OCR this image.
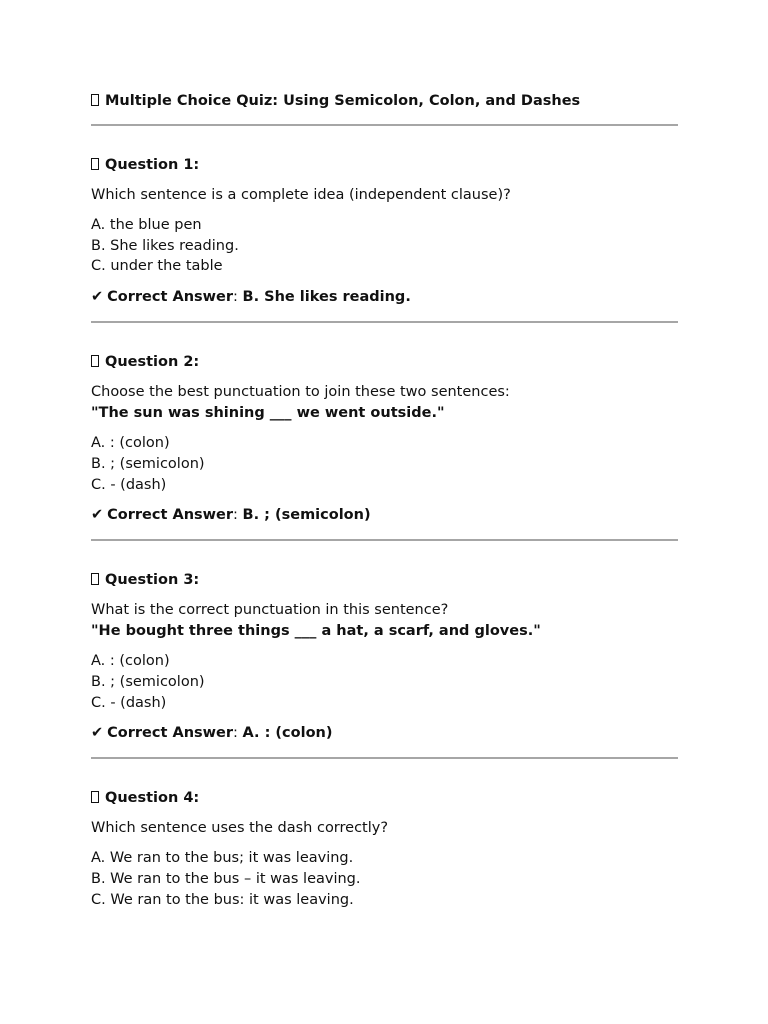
Multiple Choice Quiz: Using Semicolon, Colon, and Dashes
Question 1:
Which sentence is a complete idea (independent clause)?
A. the blue pen
B. She likes reading.
C. under the table
✔ Correct Answer: B. She likes reading.
Question 2:
Choose the best punctuation to join these two sentences:
"The sun was shining ___ we went outside."
A. : (colon)
B. ; (semicolon)
C. - (dash)
✔ Correct Answer: B. ; (semicolon)
Question 3:
What is the correct punctuation in this sentence?
"He bought three things ___ a hat, a scarf, and gloves."
A. : (colon)
B. ; (semicolon)
C. - (dash)
✔ Correct Answer: A. : (colon)
Question 4:
Which sentence uses the dash correctly?
A. We ran to the bus; it was leaving.
B. We ran to the bus – it was leaving.
C. We ran to the bus: it was leaving.
